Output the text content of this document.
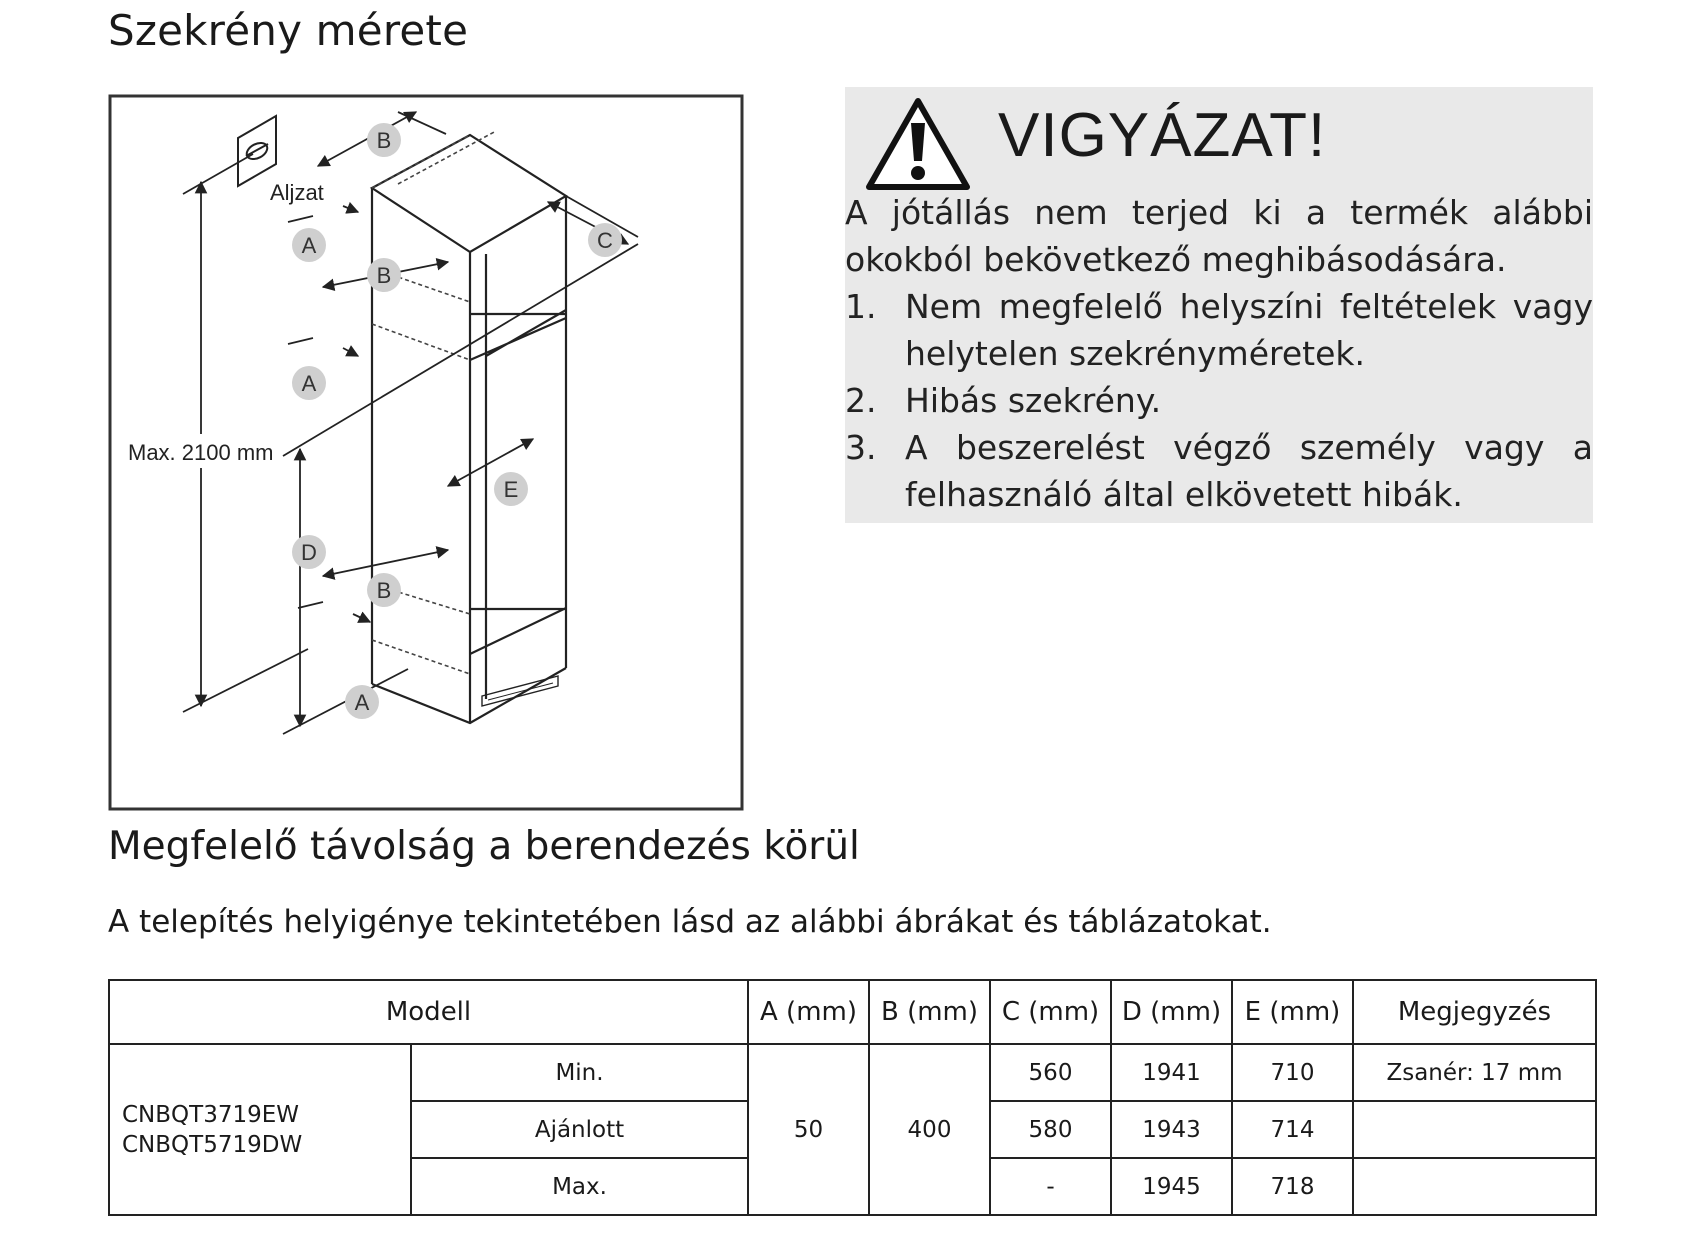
Szekrény mérete
B
A
B
C
A
E
D
B
A
Aljzat
Max. 2100 mm
VIGYÁZAT!

A jótállás nem terjed ki a termék alábbi okokból bekövetkező meghibásodására.

1. Nem megfelelő helyszíni feltételek vagy helytelen szekrényméretek.
2. Hibás szekrény.
3. A beszerelést végző személy vagy a felhasználó által elkövetett hibák.
Megfelelő távolság a berendezés körül

A telepítés helyigénye tekintetében lásd az alábbi ábrákat és táblázatokat.

Modell		A (mm)	B (mm)	C (mm)	D (mm)	E (mm)	Megjegyzés

CNBQT3719EW
CNBQT5719DW	Min.	50	400	560	1941	710	Zsanér: 17 mm
	Ajánlott			580	1943	714	
	Max.			-	1945	718	
